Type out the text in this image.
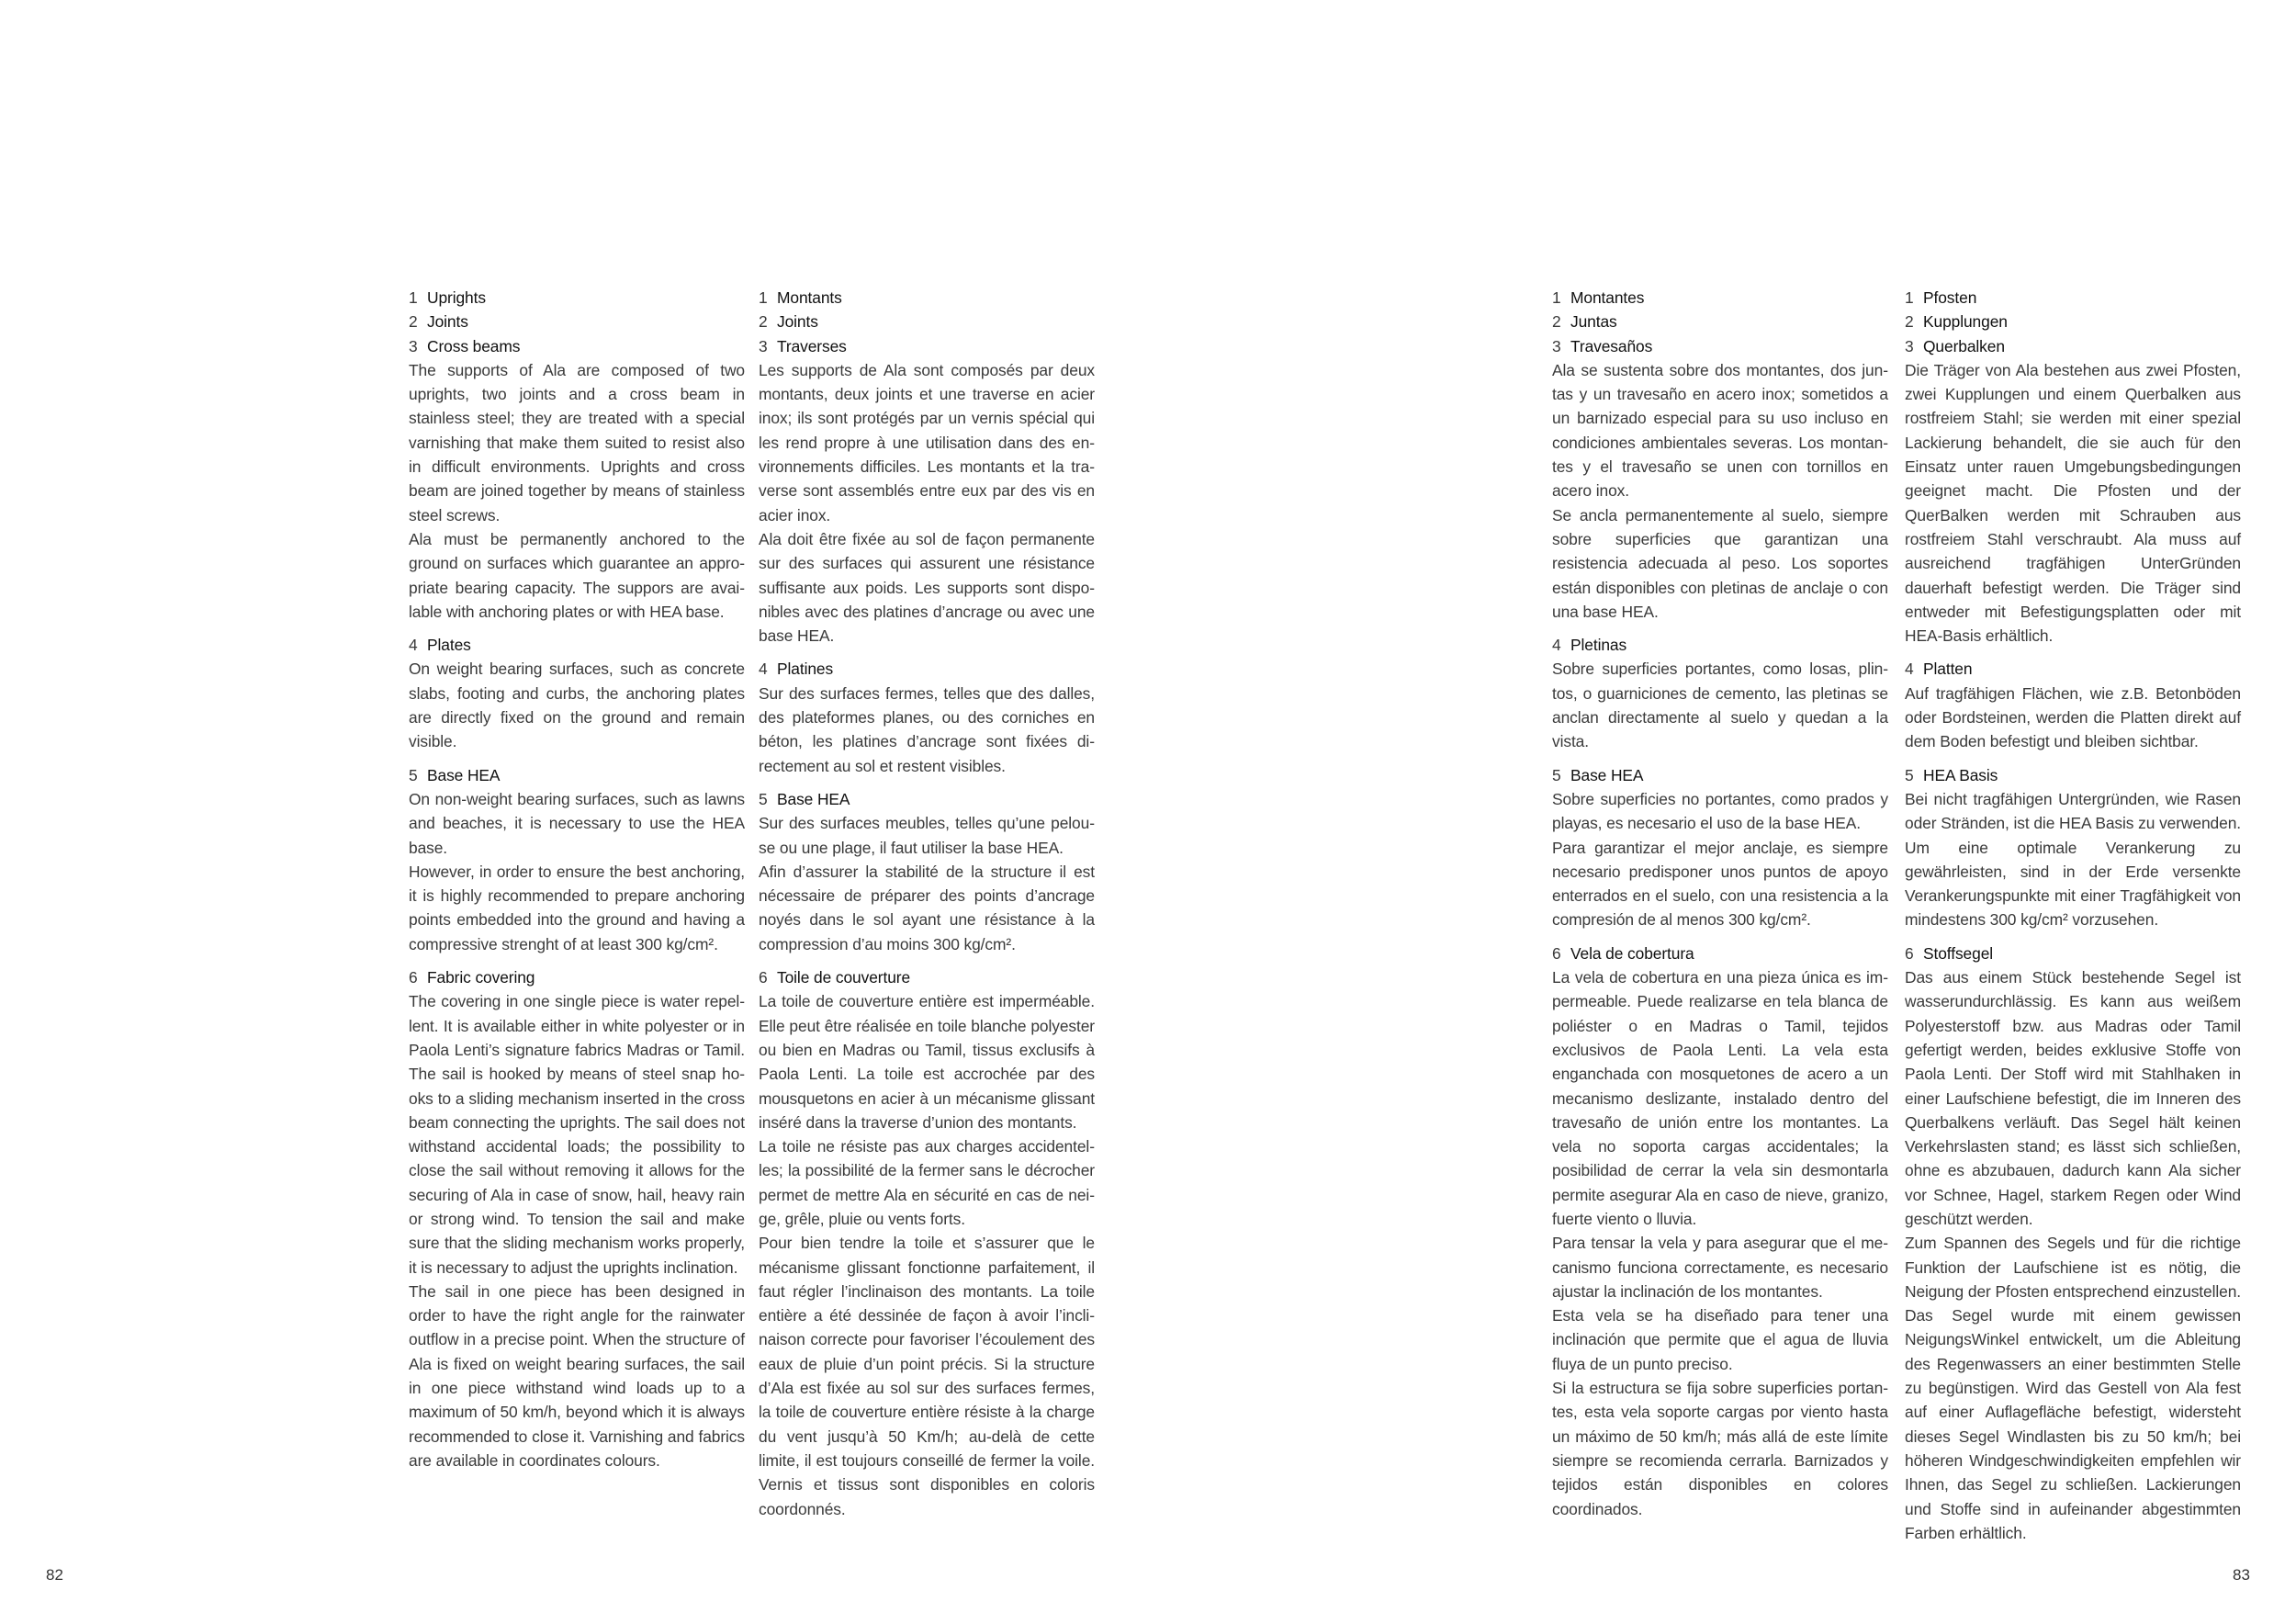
1 Uprights
2 Joints
3 Cross beams
The supports of Ala are composed of two uprights, two joints and a cross beam in stainless steel; they are treated with a special varnishing that make them suited to resist also in difficult environments. Uprights and cross beam are joined together by means of stainless steel screws.
Ala must be permanently anchored to the ground on surfaces which guarantee an appropriate bearing capacity. The suppors are available with anchoring plates or with HEA base.
4 Plates
On weight bearing surfaces, such as concrete slabs, footing and curbs, the anchoring plates are directly fixed on the ground and remain visible.
5 Base HEA
On non-weight bearing surfaces, such as lawns and beaches, it is necessary to use the HEA base.
However, in order to ensure the best anchoring, it is highly recommended to prepare anchoring points embedded into the ground and having a compressive strenght of at least 300 kg/cm².
6 Fabric covering
The covering in one single piece is water repellent. It is available either in white polyester or in Paola Lenti’s signature fabrics Madras or Tamil. The sail is hooked by means of steel snap hooks to a sliding mechanism inserted in the cross beam connecting the uprights. The sail does not withstand accidental loads; the possibility to close the sail without removing it allows for the securing of Ala in case of snow, hail, heavy rain or strong wind. To tension the sail and make sure that the sliding mechanism works properly, it is necessary to adjust the uprights inclination.
The sail in one piece has been designed in order to have the right angle for the rainwater outflow in a precise point. When the structure of Ala is fixed on weight bearing surfaces, the sail in one piece withstand wind loads up to a maximum of 50 km/h, beyond which it is always recommended to close it. Varnishing and fabrics are available in coordinates colours.
1 Montants
2 Joints
3 Traverses
Les supports de Ala sont composés par deux montants, deux joints et une traverse en acier inox; ils sont protégés par un vernis spécial qui les rend propre à une utilisation dans des environnements difficiles. Les montants et la traverse sont assemblés entre eux par des vis en acier inox.
Ala doit être fixée au sol de façon permanente sur des surfaces qui assurent une résistance suffisante aux poids. Les supports sont disponibles avec des platines d’ancrage ou avec une base HEA.
4 Platines
Sur des surfaces fermes, telles que des dalles, des plateformes planes, ou des corniches en béton, les platines d’ancrage sont fixées directement au sol et restent visibles.
5 Base HEA
Sur des surfaces meubles, telles qu’une pelouse ou une plage, il faut utiliser la base HEA.
Afin d’assurer la stabilité de la structure il est nécessaire de préparer des points d’ancrage noyés dans le sol ayant une résistance à la compression d’au moins 300 kg/cm².
6 Toile de couverture
La toile de couverture entière est imperméable. Elle peut être réalisée en toile blanche polyester ou bien en Madras ou Tamil, tissus exclusifs à Paola Lenti. La toile est accrochée par des mousquetons en acier à un mécanisme glissant inséré dans la traverse d’union des montants.
La toile ne résiste pas aux charges accidentelles; la possibilité de la fermer sans le décrocher permet de mettre Ala en sécurité en cas de neige, grêle, pluie ou vents forts.
Pour bien tendre la toile et s’assurer que le mécanisme glissant fonctionne parfaitement, il faut régler l’inclinaison des montants. La toile entière a été dessinée de façon à avoir l’inclinaison correcte pour favoriser l’écoulement des eaux de pluie d’un point précis. Si la structure d’Ala est fixée au sol sur des surfaces fermes, la toile de couverture entière résiste à la charge du vent jusqu’à 50 Km/h; au-delà de cette limite, il est toujours conseillé de fermer la voile. Vernis et tissus sont disponibles en coloris coordonnés.
1 Montantes
2 Juntas
3 Travesaños
Ala se sustenta sobre dos montantes, dos juntas y un travesaño en acero inox; sometidos a un barnizado especial para su uso incluso en condiciones ambientales severas. Los montantes y el travesaño se unen con tornillos en acero inox.
Se ancla permanentemente al suelo, siempre sobre superficies que garantizan una resistencia adecuada al peso. Los soportes están disponibles con pletinas de anclaje o con una base HEA.
4 Pletinas
Sobre superficies portantes, como losas, plintos, o guarniciones de cemento, las pletinas se anclan directamente al suelo y quedan a la vista.
5 Base HEA
Sobre superficies no portantes, como prados y playas, es necesario el uso de la base HEA.
Para garantizar el mejor anclaje, es siempre necesario predisponer unos puntos de apoyo enterrados en el suelo, con una resistencia a la compresión de al menos 300 kg/cm².
6 Vela de cobertura
La vela de cobertura en una pieza única es impermeable. Puede realizarse en tela blanca de poliéster o en Madras o Tamil, tejidos exclusivos de Paola Lenti. La vela esta enganchada con mosquetones de acero a un mecanismo deslizante, instalado dentro del travesaño de unión entre los montantes. La vela no soporta cargas accidentales; la posibilidad de cerrar la vela sin desmontarla permite asegurar Ala en caso de nieve, granizo, fuerte viento o lluvia.
Para tensar la vela y para asegurar que el mecanismo funciona correctamente, es necesario ajustar la inclinación de los montantes.
Esta vela se ha diseñado para tener una inclinación que permite que el agua de lluvia fluya de un punto preciso.
Si la estructura se fija sobre superficies portantes, esta vela soporte cargas por viento hasta un máximo de 50 km/h; más allá de este límite siempre se recomienda cerrarla. Barnizados y tejidos están disponibles en colores coordinados.
1 Pfosten
2 Kupplungen
3 Querbalken
Die Träger von Ala bestehen aus zwei Pfosten, zwei Kupplungen und einem Querbalken aus rostfreiem Stahl; sie werden mit einer spezial Lackierung behandelt, die sie auch für den Einsatz unter rauen Umgebungsbedingungen geeignet macht. Die Pfosten und der QuerBalken werden mit Schrauben aus rostfreiem Stahl verschraubt. Ala muss auf ausreichend tragfähigen UnterGründen dauerhaft befestigt werden. Die Träger sind entweder mit Befestigungsplatten oder mit HEA-Basis erhältlich.
4 Platten
Auf tragfähigen Flächen, wie z.B. Betonböden oder Bordsteinen, werden die Platten direkt auf dem Boden befestigt und bleiben sichtbar.
5 HEA Basis
Bei nicht tragfähigen Untergründen, wie Rasen oder Stränden, ist die HEA Basis zu verwenden. Um eine optimale Verankerung zu gewährleisten, sind in der Erde versenkte Verankerungspunkte mit einer Tragfähigkeit von mindestens 300 kg/cm² vorzusehen.
6 Stoffsegel
Das aus einem Stück bestehende Segel ist wasserundurchlässig. Es kann aus weißem Polyesterstoff bzw. aus Madras oder Tamil gefertigt werden, beides exklusive Stoffe von Paola Lenti. Der Stoff wird mit Stahlhaken in einer Laufschiene befestigt, die im Inneren des Querbalkens verläuft. Das Segel hält keinen Verkehrslasten stand; es lässt sich schließen, ohne es abzubauen, dadurch kann Ala sicher vor Schnee, Hagel, starkem Regen oder Wind geschützt werden.
Zum Spannen des Segels und für die richtige Funktion der Laufschiene ist es nötig, die Neigung der Pfosten entsprechend einzustellen. Das Segel wurde mit einem gewissen NeigungsWinkel entwickelt, um die Ableitung des Regenwassers an einer bestimmten Stelle zu begünstigen. Wird das Gestell von Ala fest auf einer Auflagefläche befestigt, widersteht dieses Segel Windlasten bis zu 50 km/h; bei höheren Windgeschwindigkeiten empfehlen wir Ihnen, das Segel zu schließen. Lackierungen und Stoffe sind in aufeinander abgestimmten Farben erhältlich.
82	83
